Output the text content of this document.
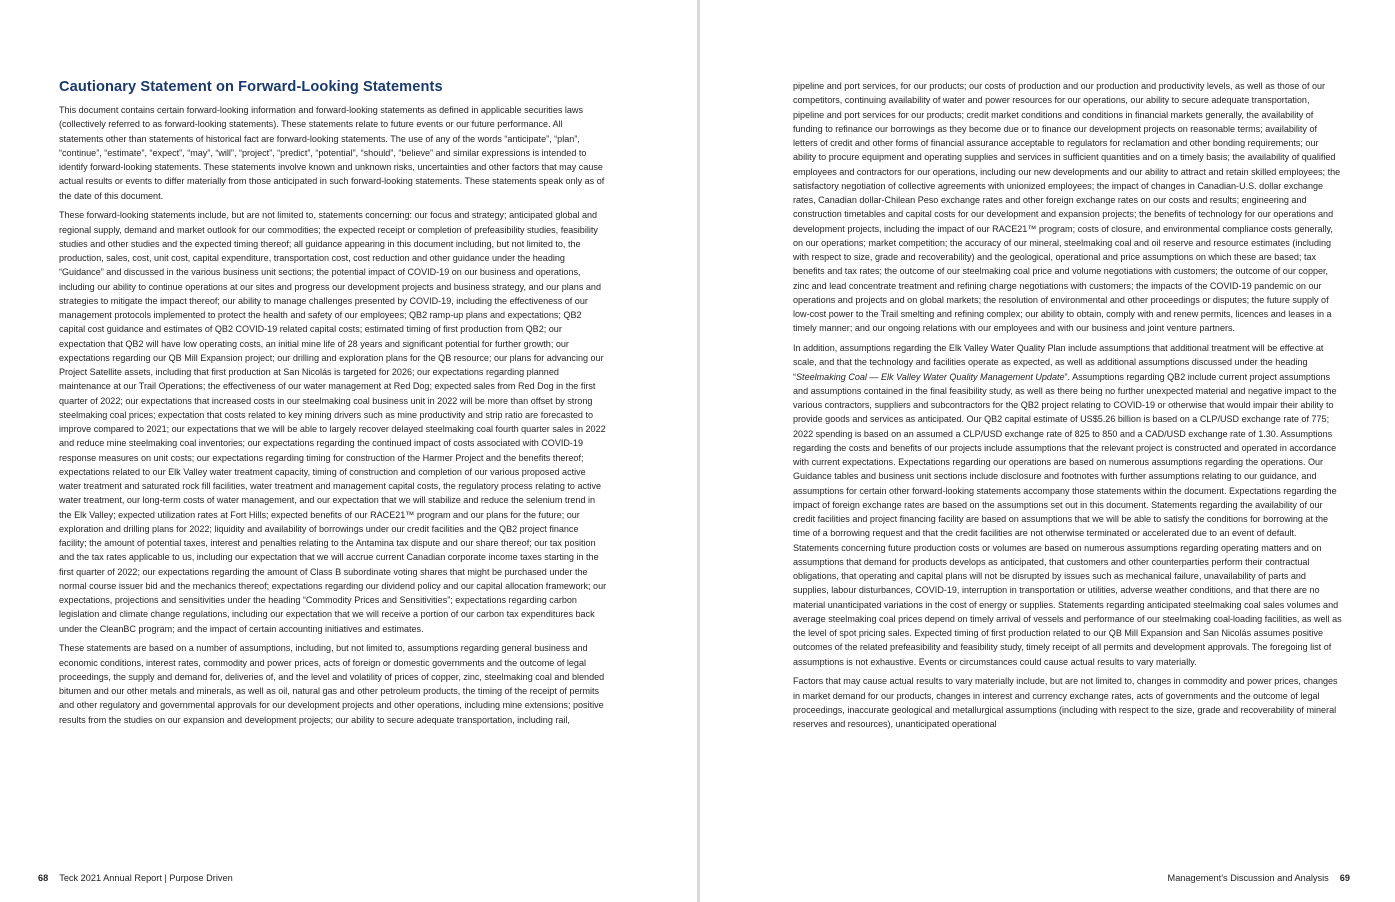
Cautionary Statement on Forward-Looking Statements

This document contains certain forward-looking information and forward-looking statements as defined in applicable securities laws (collectively referred to as forward-looking statements). These statements relate to future events or our future performance. All statements other than statements of historical fact are forward-looking statements. The use of any of the words “anticipate”, “plan”, “continue”, “estimate”, “expect”, “may”, “will”, “project”, “predict”, “potential”, “should”, “believe” and similar expressions is intended to identify forward-looking statements. These statements involve known and unknown risks, uncertainties and other factors that may cause actual results or events to differ materially from those anticipated in such forward-looking statements. These statements speak only as of the date of this document.

These forward-looking statements include, but are not limited to, statements concerning: our focus and strategy; anticipated global and regional supply, demand and market outlook for our commodities; the expected receipt or completion of prefeasibility studies, feasibility studies and other studies and the expected timing thereof; all guidance appearing in this document including, but not limited to, the production, sales, cost, unit cost, capital expenditure, transportation cost, cost reduction and other guidance under the heading “Guidance” and discussed in the various business unit sections; the potential impact of COVID-19 on our business and operations, including our ability to continue operations at our sites and progress our development projects and business strategy, and our plans and strategies to mitigate the impact thereof; our ability to manage challenges presented by COVID-19, including the effectiveness of our management protocols implemented to protect the health and safety of our employees; QB2 ramp-up plans and expectations; QB2 capital cost guidance and estimates of QB2 COVID-19 related capital costs; estimated timing of first production from QB2; our expectation that QB2 will have low operating costs, an initial mine life of 28 years and significant potential for further growth; our expectations regarding our QB Mill Expansion project; our drilling and exploration plans for the QB resource; our plans for advancing our Project Satellite assets, including that first production at San Nicolás is targeted for 2026; our expectations regarding planned maintenance at our Trail Operations; the effectiveness of our water management at Red Dog; expected sales from Red Dog in the first quarter of 2022; our expectations that increased costs in our steelmaking coal business unit in 2022 will be more than offset by strong steelmaking coal prices; expectation that costs related to key mining drivers such as mine productivity and strip ratio are forecasted to improve compared to 2021; our expectations that we will be able to largely recover delayed steelmaking coal fourth quarter sales in 2022 and reduce mine steelmaking coal inventories; our expectations regarding the continued impact of costs associated with COVID-19 response measures on unit costs; our expectations regarding timing for construction of the Harmer Project and the benefits thereof; expectations related to our Elk Valley water treatment capacity, timing of construction and completion of our various proposed active water treatment and saturated rock fill facilities, water treatment and management capital costs, the regulatory process relating to active water treatment, our long-term costs of water management, and our expectation that we will stabilize and reduce the selenium trend in the Elk Valley; expected utilization rates at Fort Hills; expected benefits of our RACE21™ program and our plans for the future; our exploration and drilling plans for 2022; liquidity and availability of borrowings under our credit facilities and the QB2 project finance facility; the amount of potential taxes, interest and penalties relating to the Antamina tax dispute and our share thereof; our tax position and the tax rates applicable to us, including our expectation that we will accrue current Canadian corporate income taxes starting in the first quarter of 2022; our expectations regarding the amount of Class B subordinate voting shares that might be purchased under the normal course issuer bid and the mechanics thereof; expectations regarding our dividend policy and our capital allocation framework; our expectations, projections and sensitivities under the heading “Commodity Prices and Sensitivities”; expectations regarding carbon legislation and climate change regulations, including our expectation that we will receive a portion of our carbon tax expenditures back under the CleanBC program; and the impact of certain accounting initiatives and estimates.

These statements are based on a number of assumptions, including, but not limited to, assumptions regarding general business and economic conditions, interest rates, commodity and power prices, acts of foreign or domestic governments and the outcome of legal proceedings, the supply and demand for, deliveries of, and the level and volatility of prices of copper, zinc, steelmaking coal and blended bitumen and our other metals and minerals, as well as oil, natural gas and other petroleum products, the timing of the receipt of permits and other regulatory and governmental approvals for our development projects and other operations, including mine extensions; positive results from the studies on our expansion and development projects; our ability to secure adequate transportation, including rail,

68 Teck 2021 Annual Report | Purpose Driven

pipeline and port services, for our products; our costs of production and our production and productivity levels, as well as those of our competitors, continuing availability of water and power resources for our operations, our ability to secure adequate transportation, pipeline and port services for our products; credit market conditions and conditions in financial markets generally, the availability of funding to refinance our borrowings as they become due or to finance our development projects on reasonable terms; availability of letters of credit and other forms of financial assurance acceptable to regulators for reclamation and other bonding requirements; our ability to procure equipment and operating supplies and services in sufficient quantities and on a timely basis; the availability of qualified employees and contractors for our operations, including our new developments and our ability to attract and retain skilled employees; the satisfactory negotiation of collective agreements with unionized employees; the impact of changes in Canadian-U.S. dollar exchange rates, Canadian dollar-Chilean Peso exchange rates and other foreign exchange rates on our costs and results; engineering and construction timetables and capital costs for our development and expansion projects; the benefits of technology for our operations and development projects, including the impact of our RACE21™ program; costs of closure, and environmental compliance costs generally, on our operations; market competition; the accuracy of our mineral, steelmaking coal and oil reserve and resource estimates (including with respect to size, grade and recoverability) and the geological, operational and price assumptions on which these are based; tax benefits and tax rates; the outcome of our steelmaking coal price and volume negotiations with customers; the outcome of our copper, zinc and lead concentrate treatment and refining charge negotiations with customers; the impacts of the COVID-19 pandemic on our operations and projects and on global markets; the resolution of environmental and other proceedings or disputes; the future supply of low-cost power to the Trail smelting and refining complex; our ability to obtain, comply with and renew permits, licences and leases in a timely manner; and our ongoing relations with our employees and with our business and joint venture partners.

In addition, assumptions regarding the Elk Valley Water Quality Plan include assumptions that additional treatment will be effective at scale, and that the technology and facilities operate as expected, as well as additional assumptions discussed under the heading “Steelmaking Coal — Elk Valley Water Quality Management Update”. Assumptions regarding QB2 include current project assumptions and assumptions contained in the final feasibility study, as well as there being no further unexpected material and negative impact to the various contractors, suppliers and subcontractors for the QB2 project relating to COVID-19 or otherwise that would impair their ability to provide goods and services as anticipated. Our QB2 capital estimate of US$5.26 billion is based on a CLP/USD exchange rate of 775; 2022 spending is based on an assumed a CLP/USD exchange rate of 825 to 850 and a CAD/USD exchange rate of 1.30. Assumptions regarding the costs and benefits of our projects include assumptions that the relevant project is constructed and operated in accordance with current expectations. Expectations regarding our operations are based on numerous assumptions regarding the operations. Our Guidance tables and business unit sections include disclosure and footnotes with further assumptions relating to our guidance, and assumptions for certain other forward-looking statements accompany those statements within the document. Expectations regarding the impact of foreign exchange rates are based on the assumptions set out in this document. Statements regarding the availability of our credit facilities and project financing facility are based on assumptions that we will be able to satisfy the conditions for borrowing at the time of a borrowing request and that the credit facilities are not otherwise terminated or accelerated due to an event of default. Statements concerning future production costs or volumes are based on numerous assumptions regarding operating matters and on assumptions that demand for products develops as anticipated, that customers and other counterparties perform their contractual obligations, that operating and capital plans will not be disrupted by issues such as mechanical failure, unavailability of parts and supplies, labour disturbances, COVID-19, interruption in transportation or utilities, adverse weather conditions, and that there are no material unanticipated variations in the cost of energy or supplies. Statements regarding anticipated steelmaking coal sales volumes and average steelmaking coal prices depend on timely arrival of vessels and performance of our steelmaking coal-loading facilities, as well as the level of spot pricing sales. Expected timing of first production related to our QB Mill Expansion and San Nicolás assumes positive outcomes of the related prefeasibility and feasibility study, timely receipt of all permits and development approvals. The foregoing list of assumptions is not exhaustive. Events or circumstances could cause actual results to vary materially.

Factors that may cause actual results to vary materially include, but are not limited to, changes in commodity and power prices, changes in market demand for our products, changes in interest and currency exchange rates, acts of governments and the outcome of legal proceedings, inaccurate geological and metallurgical assumptions (including with respect to the size, grade and recoverability of mineral reserves and resources), unanticipated operational

Management’s Discussion and Analysis 69
